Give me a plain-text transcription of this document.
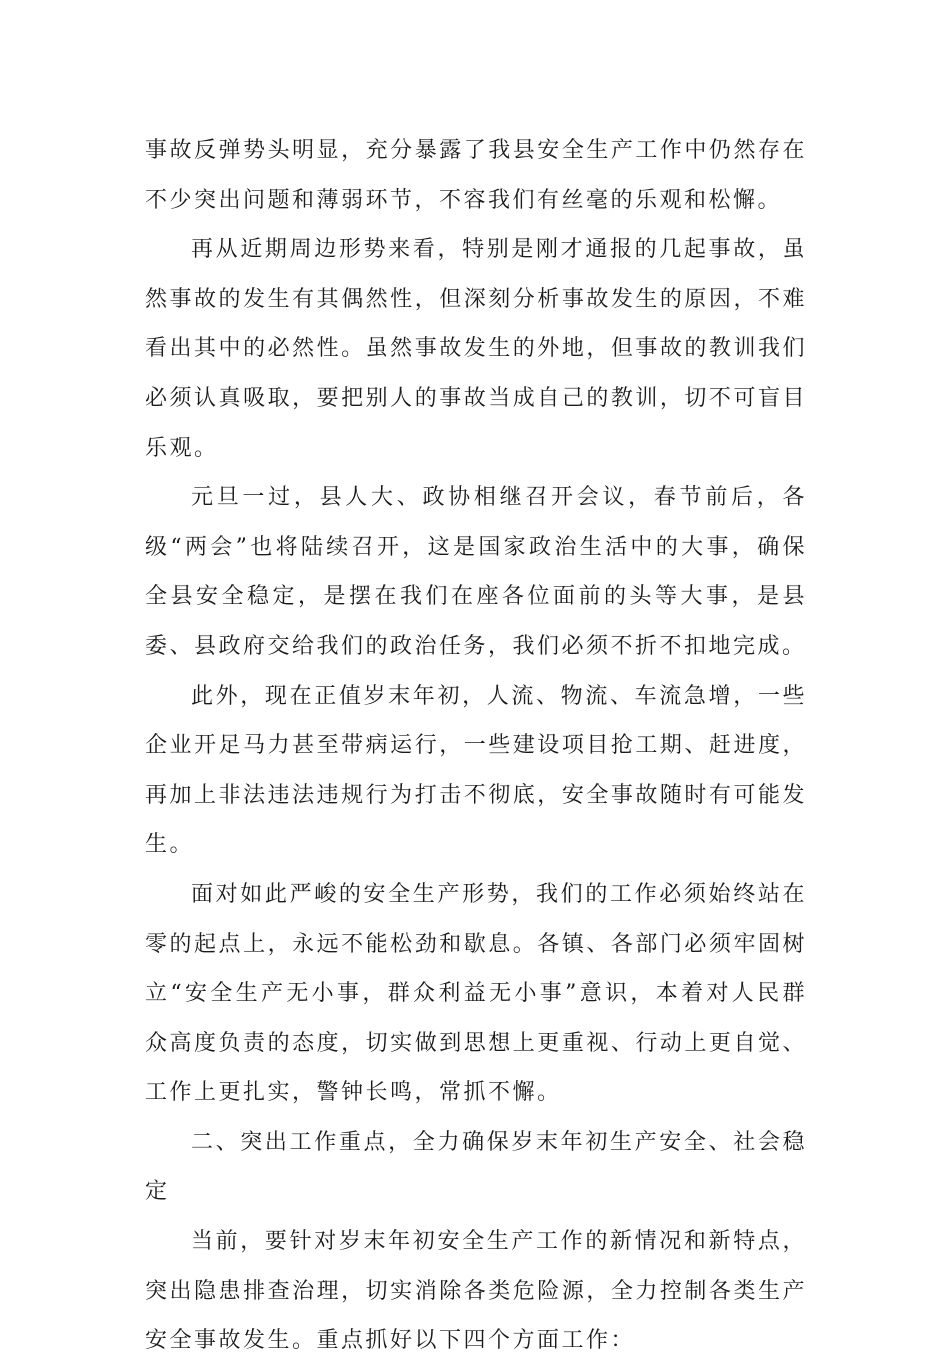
事故反弹势头明显，充分暴露了我县安全生产工作中仍然存在不少突出问题和薄弱环节，不容我们有丝毫的乐观和松懈。

再从近期周边形势来看，特别是刚才通报的几起事故，虽然事故的发生有其偶然性，但深刻分析事故发生的原因，不难看出其中的必然性。虽然事故发生的外地，但事故的教训我们必须认真吸取，要把别人的事故当成自己的教训，切不可盲目乐观。

元旦一过，县人大、政协相继召开会议，春节前后，各级“两会”也将陆续召开，这是国家政治生活中的大事，确保全县安全稳定，是摆在我们在座各位面前的头等大事，是县委、县政府交给我们的政治任务，我们必须不折不扣地完成。

此外，现在正值岁末年初，人流、物流、车流急增，一些企业开足马力甚至带病运行，一些建设项目抢工期、赶进度，再加上非法违法违规行为打击不彻底，安全事故随时有可能发生。

面对如此严峻的安全生产形势，我们的工作必须始终站在零的起点上，永远不能松劲和歇息。各镇、各部门必须牢固树立“安全生产无小事，群众利益无小事”意识，本着对人民群众高度负责的态度，切实做到思想上更重视、行动上更自觉、工作上更扎实，警钟长鸣，常抓不懈。

二、突出工作重点，全力确保岁末年初生产安全、社会稳定

当前，要针对岁末年初安全生产工作的新情况和新特点，突出隐患排查治理，切实消除各类危险源，全力控制各类生产安全事故发生。重点抓好以下四个方面工作：
